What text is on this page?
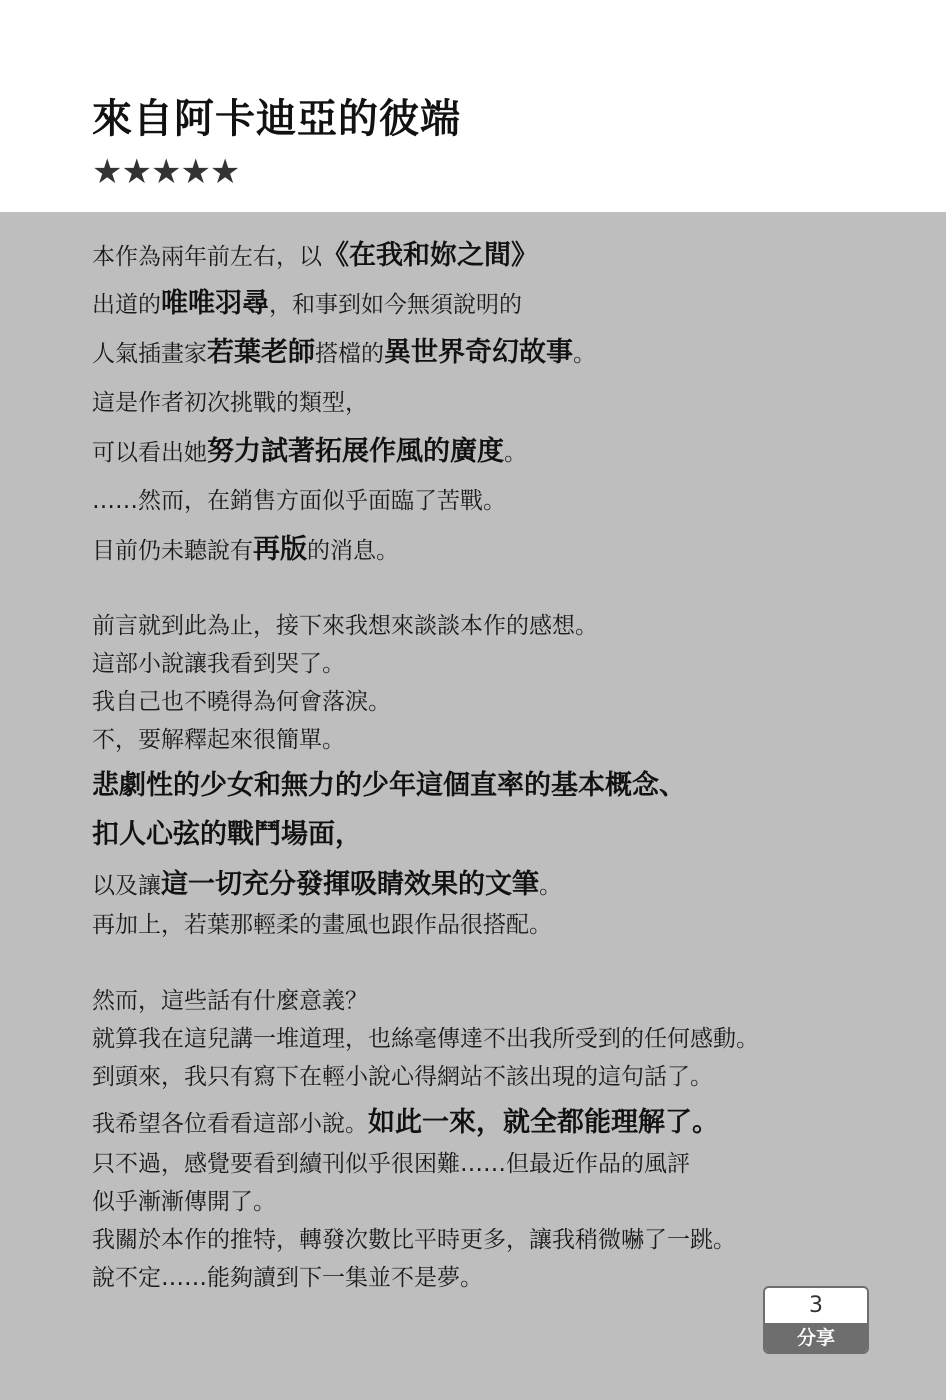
來自阿卡迪亞的彼端
★★★★★
本作為兩年前左右，以《在我和妳之間》
出道的唯唯羽尋，和事到如今無須說明的
人氣插畫家若葉老師搭檔的異世界奇幻故事。
這是作者初次挑戰的類型，
可以看出她努力試著拓展作風的廣度。
……然而，在銷售方面似乎面臨了苦戰。
目前仍未聽說有再版的消息。
前言就到此為止，接下來我想來談談本作的感想。
這部小說讓我看到哭了。
我自己也不曉得為何會落淚。
不，要解釋起來很簡單。
悲劇性的少女和無力的少年這個直率的基本概念、
扣人心弦的戰鬥場面，
以及讓這一切充分發揮吸睛效果的文筆。
再加上，若葉那輕柔的畫風也跟作品很搭配。
然而，這些話有什麼意義？
就算我在這兒講一堆道理，也絲毫傳達不出我所受到的任何感動。
到頭來，我只有寫下在輕小說心得網站不該出現的這句話了。
我希望各位看看這部小說。如此一來，就全都能理解了。
只不過，感覺要看到續刊似乎很困難……但最近作品的風評
似乎漸漸傳開了。
我關於本作的推特，轉發次數比平時更多，讓我稍微嚇了一跳。
說不定……能夠讀到下一集並不是夢。
3
分享
